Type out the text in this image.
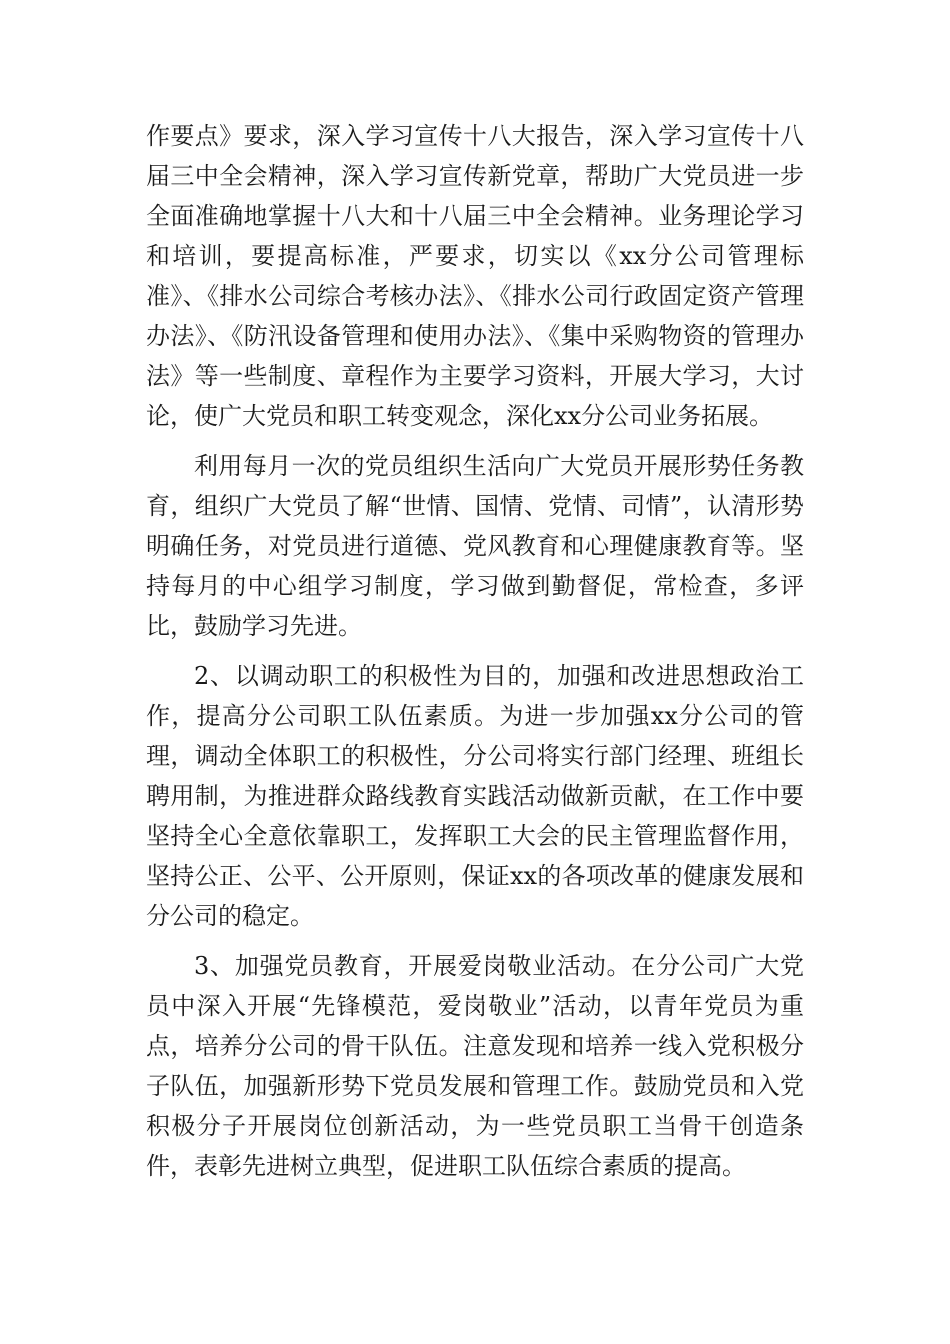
作要点》要求，深入学习宣传十八大报告，深入学习宣传十八届三中全会精神，深入学习宣传新党章，帮助广大党员进一步全面准确地掌握十八大和十八届三中全会精神。业务理论学习和培训，要提高标准，严要求，切实以《xx分公司管理标准》、《排水公司综合考核办法》、《排水公司行政固定资产管理办法》、《防汛设备管理和使用办法》、《集中采购物资的管理办法》等一些制度、章程作为主要学习资料，开展大学习，大讨论，使广大党员和职工转变观念，深化xx分公司业务拓展。

利用每月一次的党员组织生活向广大党员开展形势任务教育，组织广大党员了解“世情、国情、党情、司情”，认清形势明确任务，对党员进行道德、党风教育和心理健康教育等。坚持每月的中心组学习制度，学习做到勤督促，常检查，多评比，鼓励学习先进。

2、以调动职工的积极性为目的，加强和改进思想政治工作，提高分公司职工队伍素质。为进一步加强xx分公司的管理，调动全体职工的积极性，分公司将实行部门经理、班组长聘用制，为推进群众路线教育实践活动做新贡献，在工作中要坚持全心全意依靠职工，发挥职工大会的民主管理监督作用，坚持公正、公平、公开原则，保证xx的各项改革的健康发展和分公司的稳定。

3、加强党员教育，开展爱岗敬业活动。在分公司广大党员中深入开展“先锋模范，爱岗敬业”活动，以青年党员为重点，培养分公司的骨干队伍。注意发现和培养一线入党积极分子队伍，加强新形势下党员发展和管理工作。鼓励党员和入党积极分子开展岗位创新活动，为一些党员职工当骨干创造条件，表彰先进树立典型，促进职工队伍综合素质的提高。
